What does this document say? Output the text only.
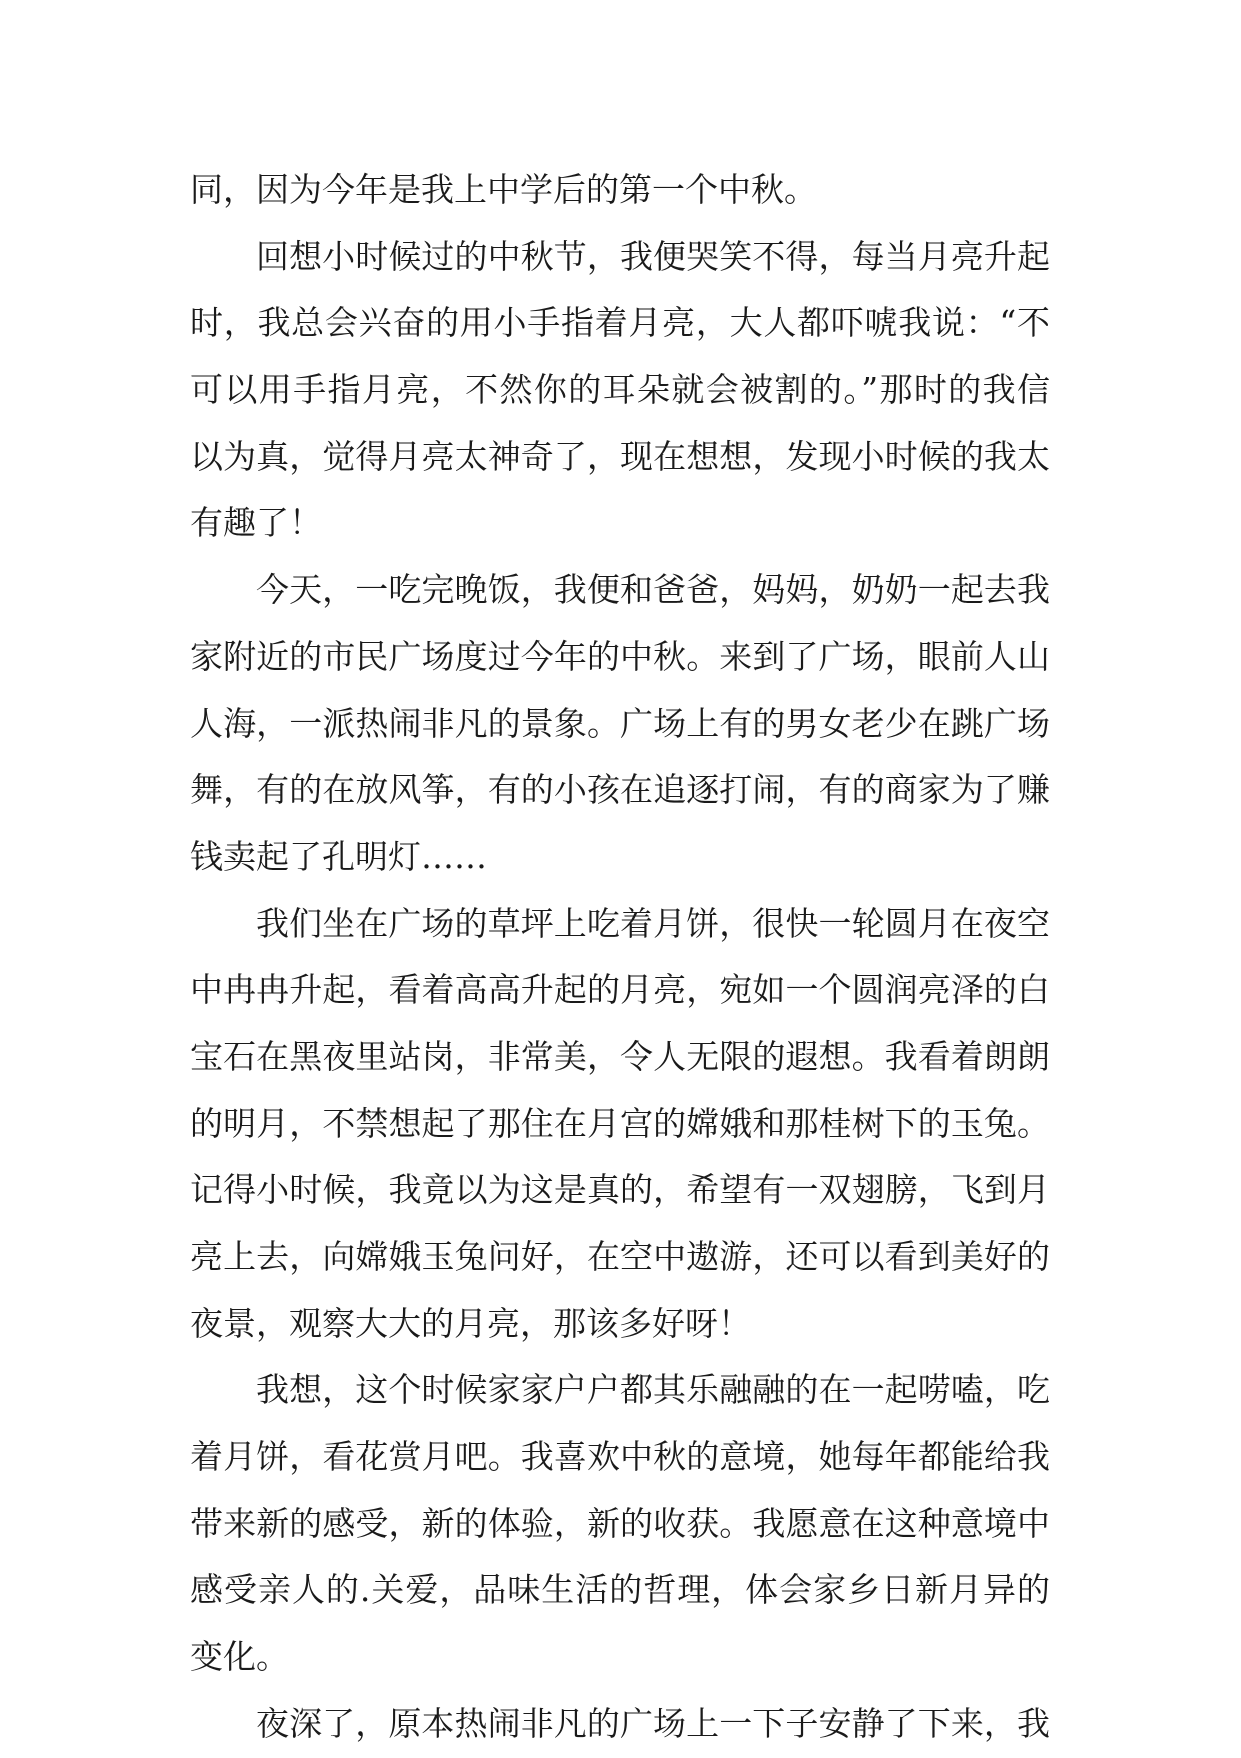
同，因为今年是我上中学后的第一个中秋。
回想小时候过的中秋节，我便哭笑不得，每当月亮升起
时，我总会兴奋的用小手指着月亮，大人都吓唬我说：“不
可以用手指月亮，不然你的耳朵就会被割的。”那时的我信
以为真，觉得月亮太神奇了，现在想想，发现小时候的我太
有趣了！
今天，一吃完晚饭，我便和爸爸，妈妈，奶奶一起去我
家附近的市民广场度过今年的中秋。来到了广场，眼前人山
人海，一派热闹非凡的景象。广场上有的男女老少在跳广场
舞，有的在放风筝，有的小孩在追逐打闹，有的商家为了赚
钱卖起了孔明灯……
我们坐在广场的草坪上吃着月饼，很快一轮圆月在夜空
中冉冉升起，看着高高升起的月亮，宛如一个圆润亮泽的白
宝石在黑夜里站岗，非常美，令人无限的遐想。我看着朗朗
的明月，不禁想起了那住在月宫的嫦娥和那桂树下的玉兔。
记得小时候，我竟以为这是真的，希望有一双翅膀，飞到月
亮上去，向嫦娥玉兔问好，在空中遨游，还可以看到美好的
夜景，观察大大的月亮，那该多好呀！
我想，这个时候家家户户都其乐融融的在一起唠嗑，吃
着月饼，看花赏月吧。我喜欢中秋的意境，她每年都能给我
带来新的感受，新的体验，新的收获。我愿意在这种意境中
感受亲人的.关爱，品味生活的哲理，体会家乡日新月异的
变化。
夜深了，原本热闹非凡的广场上一下子安静了下来，我
